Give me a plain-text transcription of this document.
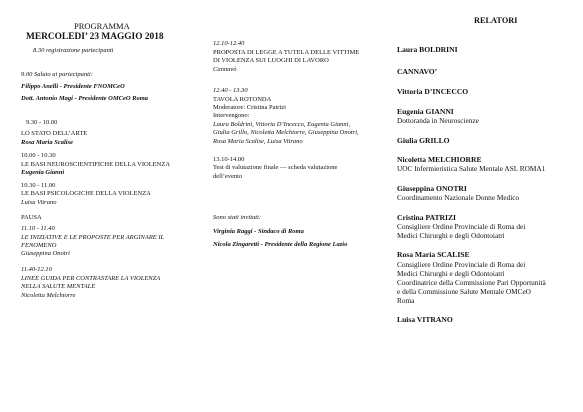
PROGRAMMA
MERCOLEDI’ 23 MAGGIO 2018
8.30 registrazione partecipanti
9.00 Saluto ai partecipanti:
Filippo Anelli - Presidente FNOMCeO
Dott. Antonio Magi - Presidente OMCeO Roma
9.30 - 10.00
LO STATO DELL’ARTE
Rosa Maria Scalise
10.00 - 10.30
LE BASI NEUROSCIENTIFICHE DELLA VIOLENZA
Eugenia Gianni
10.30 - 11.00
LE BASI PSICOLOGICHE DELLA VIOLENZA
Luisa Vitrano
PAUSA
11.10 - 11.40
LE INIZIATIVE E LE PROPOSTE PER ARGINARE IL
FENOMENO
Giuseppina Onotri
11.40-12.10
LINEE GUIDA PER CONTRASTARE LA VIOLENZA
NELLA SALUTE MENTALE
Nicoletta Melchiorre
12.10-12.40
PROPOSTA DI LEGGE A TUTELA DELLE VITTIME
DI VIOLENZA SUI LUOGHI DI LAVORO
Cannavò
12.40 - 13.30
TAVOLA ROTONDA
Moderatore: Cristina Patrizi
Intervengono:
Laura Boldrini, Vittoria D’Incecco, Eugenia Gianni,
Giulia Grillo, Nicoletta Melchiorre, Giuseppina Onotri,
Rosa Maria Scalise, Luisa Vitrano
13.10-14.00
Test di valutazione finale — scheda valutazione
dell’evento
Sono stati invitati:
Virginia Raggi - Sindaco di Roma
Nicola Zingaretti - Presidente della Regione Lazio
RELATORI
Laura BOLDRINI
CANNAVO’
Vittoria D’INCECCO
Eugenia GIANNI
Dottoranda in Neuroscienze
Giulia GRILLO
Nicoletta MELCHIORRE
UOC Infermieristica Salute Mentale ASL ROMA1
Giuseppina ONOTRI
Coordinamento Nazionale Donne Medico
Cristina PATRIZI
Consigliere Ordine Provinciale di Roma dei
Medici Chirurghi e degli Odontoiatri
Rosa Maria SCALISE
Consigliere Ordine Provinciale di Roma dei
Medici Chirurghi e degli Odontoiatri
Coordinatrice della Commissione Pari Opportunità
e della Commissione Salute Mentale OMCeO
Roma
Luisa VITRANO
